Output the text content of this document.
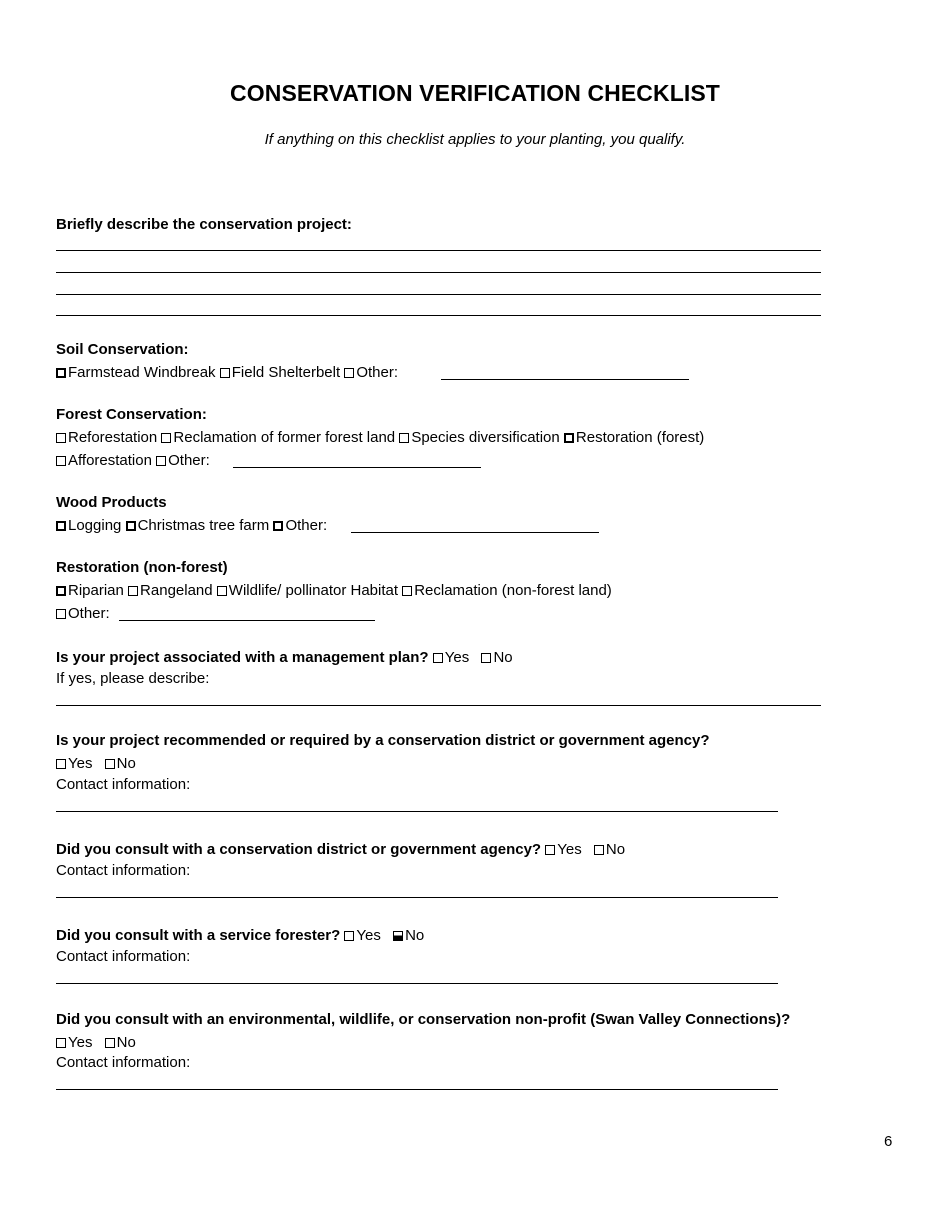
CONSERVATION VERIFICATION CHECKLIST
If anything on this checklist applies to your planting, you qualify.
Briefly describe the conservation project:
Soil Conservation:
Farmstead Windbreak Field Shelterbelt Other:
Forest Conservation:
Reforestation Reclamation of former forest land Species diversification Restoration (forest)
Afforestation Other:
Wood Products
Logging Christmas tree farm Other:
Restoration (non-forest)
Riparian Rangeland Wildlife/ pollinator Habitat Reclamation (non-forest land)
Other:
Is your project associated with a management plan? Yes No
If yes, please describe:
Is your project recommended or required by a conservation district or government agency?
Yes No
Contact information:
Did you consult with a conservation district or government agency? Yes No
Contact information:
Did you consult with a service forester? Yes No
Contact information:
Did you consult with an environmental, wildlife, or conservation non-profit (Swan Valley Connections)?
Yes No
Contact information:
6
